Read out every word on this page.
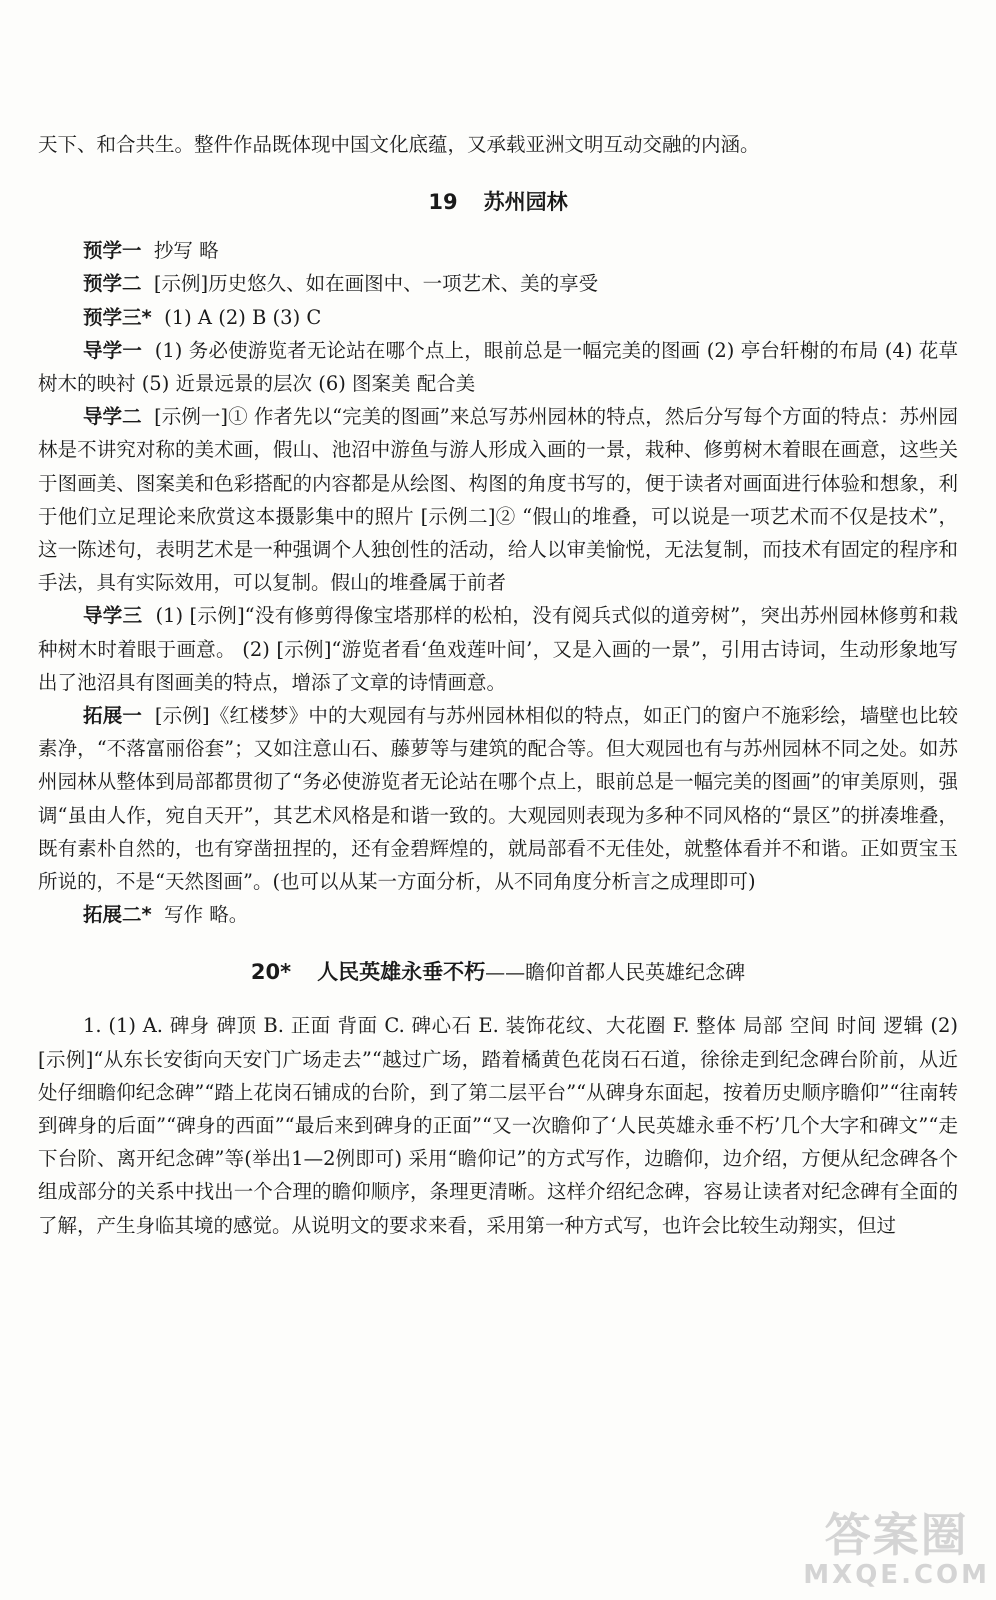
天下、和合共生。整件作品既体现中国文化底蕴，又承载亚洲文明互动交融的内涵。

19 苏州园林

预学一 抄写 略

预学二 [示例]历史悠久、如在画图中、一项艺术、美的享受

预学三* (1) A (2) B (3) C

导学一 (1) 务必使游览者无论站在哪个点上，眼前总是一幅完美的图画 (2) 亭台轩榭的布局 (4) 花草树木的映衬 (5) 近景远景的层次 (6) 图案美 配合美

导学二 [示例一]① 作者先以“完美的图画”来总写苏州园林的特点，然后分写每个方面的特点：苏州园林是不讲究对称的美术画，假山、池沼中游鱼与游人形成入画的一景，栽种、修剪树木着眼在画意，这些关于图画美、图案美和色彩搭配的内容都是从绘图、构图的角度书写的，便于读者对画面进行体验和想象，利于他们立足理论来欣赏这本摄影集中的照片 [示例二]② “假山的堆叠，可以说是一项艺术而不仅是技术”，这一陈述句，表明艺术是一种强调个人独创性的活动，给人以审美愉悦，无法复制，而技术有固定的程序和手法，具有实际效用，可以复制。假山的堆叠属于前者

导学三 (1) [示例]“没有修剪得像宝塔那样的松柏，没有阅兵式似的道旁树”，突出苏州园林修剪和栽种树木时着眼于画意。 (2) [示例]“游览者看‘鱼戏莲叶间’，又是入画的一景”，引用古诗词，生动形象地写出了池沼具有图画美的特点，增添了文章的诗情画意。

拓展一 [示例]《红楼梦》中的大观园有与苏州园林相似的特点，如正门的窗户不施彩绘，墙壁也比较素净，“不落富丽俗套”；又如注意山石、藤萝等与建筑的配合等。但大观园也有与苏州园林不同之处。如苏州园林从整体到局部都贯彻了“务必使游览者无论站在哪个点上，眼前总是一幅完美的图画”的审美原则，强调“虽由人作，宛自天开”，其艺术风格是和谐一致的。大观园则表现为多种不同风格的“景区”的拼凑堆叠，既有素朴自然的，也有穿凿扭捏的，还有金碧辉煌的，就局部看不无佳处，就整体看并不和谐。正如贾宝玉所说的，不是“天然图画”。(也可以从某一方面分析，从不同角度分析言之成理即可)

拓展二* 写作 略。

20* 人民英雄永垂不朽——瞻仰首都人民英雄纪念碑

1. (1) A. 碑身 碑顶 B. 正面 背面 C. 碑心石 E. 装饰花纹、大花圈 F. 整体 局部 空间 时间 逻辑 (2) [示例]“从东长安街向天安门广场走去”“越过广场，踏着橘黄色花岗石石道，徐徐走到纪念碑台阶前，从近处仔细瞻仰纪念碑”“踏上花岗石铺成的台阶，到了第二层平台”“从碑身东面起，按着历史顺序瞻仰”“往南转到碑身的后面”“碑身的西面”“最后来到碑身的正面”“又一次瞻仰了‘人民英雄永垂不朽’几个大字和碑文”“走下台阶、离开纪念碑”等(举出1—2例即可) 采用“瞻仰记”的方式写作，边瞻仰，边介绍，方便从纪念碑各个组成部分的关系中找出一个合理的瞻仰顺序，条理更清晰。这样介绍纪念碑，容易让读者对纪念碑有全面的了解，产生身临其境的感觉。从说明文的要求来看，采用第一种方式写，也许会比较生动翔实，但过

答案圈
MXQE.COM
